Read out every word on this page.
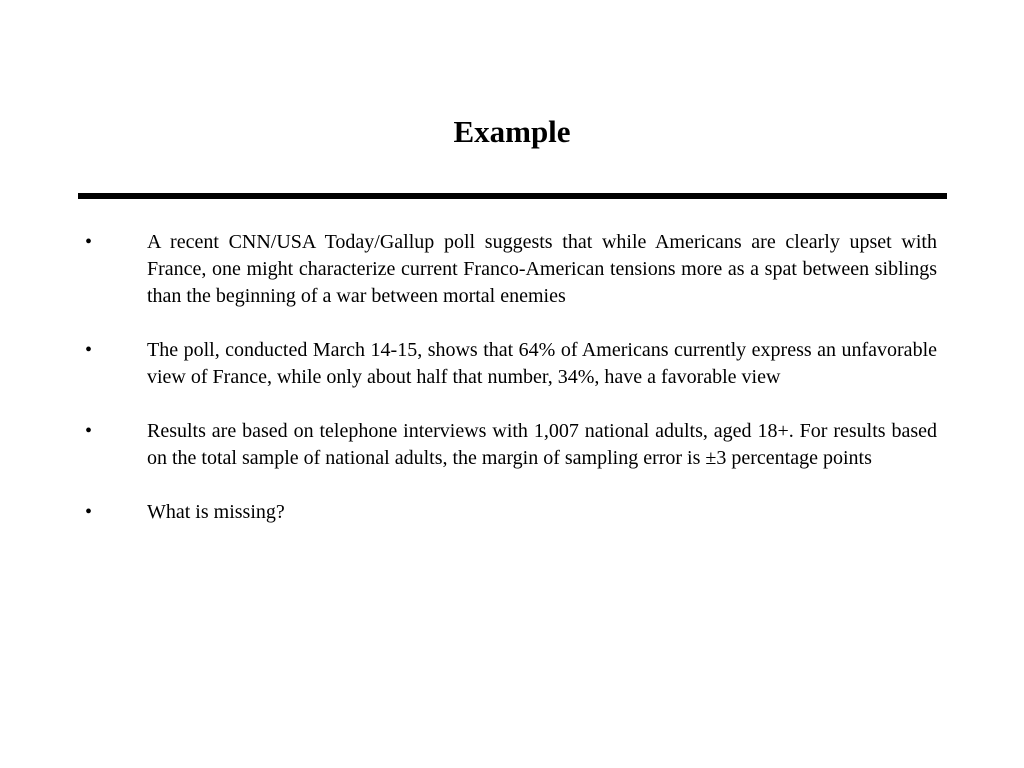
Example
•	A recent CNN/USA Today/Gallup poll suggests that while Americans are clearly upset with France, one might characterize current Franco-American tensions more as a spat between siblings than the beginning of a war between mortal enemies
•	The poll, conducted March 14-15, shows that 64% of Americans currently express an unfavorable view of France, while only about half that number, 34%, have a favorable view
•	Results are based on telephone interviews with 1,007 national adults, aged 18+. For results based on the total sample of national adults, the margin of sampling error is ±3 percentage points
•	What is missing?
